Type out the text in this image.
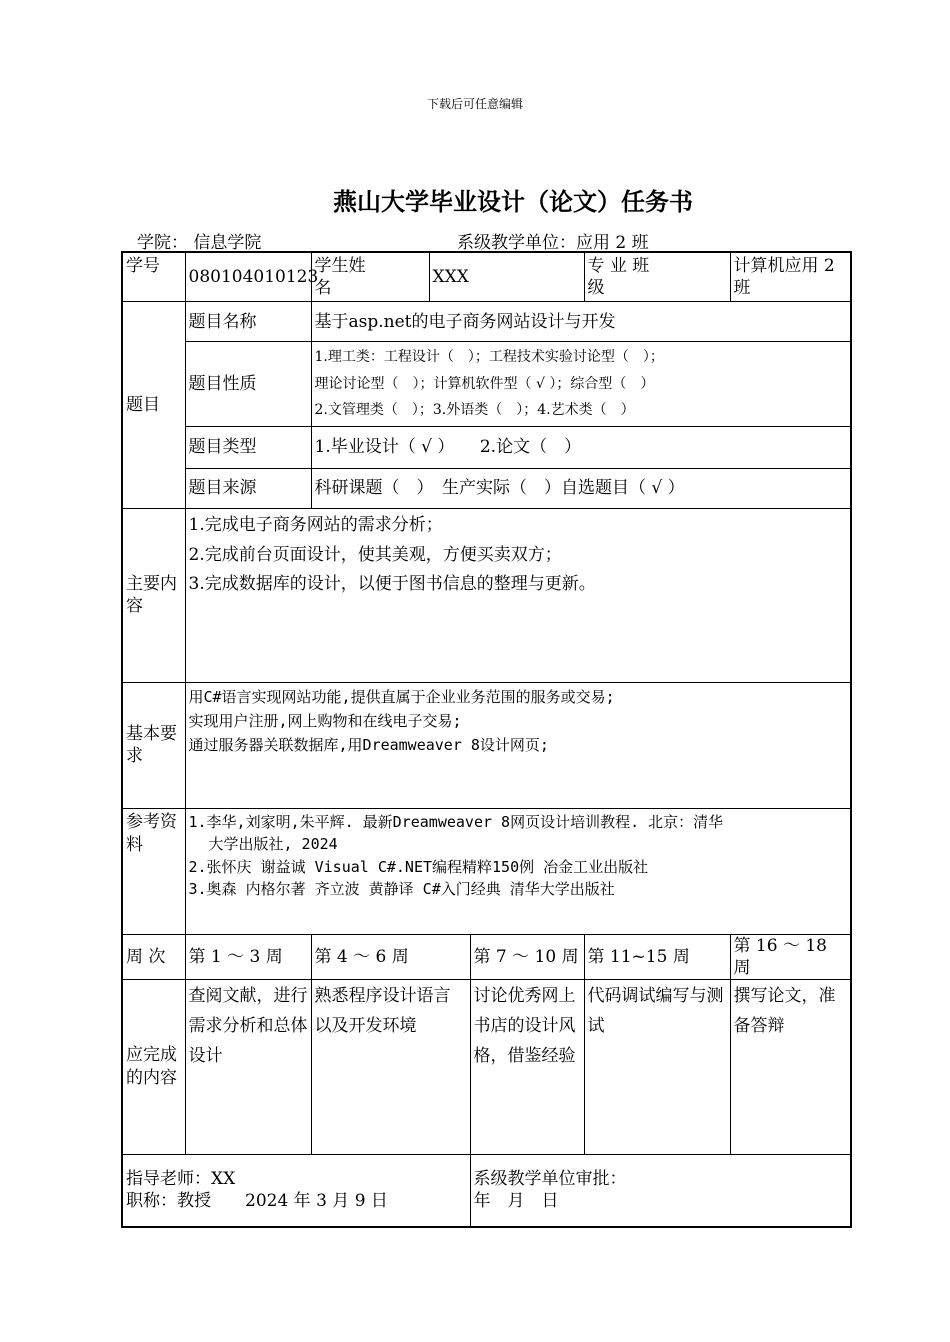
下载后可任意编辑
燕山大学毕业设计（论文）任务书
学院： 信息学院	系级教学单位：应用 2 班
学号	080104010123	学生姓名	XXX		专 业 班 级	计算机应用 2 班
题目	题目名称	基于asp.net的电子商务网站设计与开发				
	题目性质	1.理工类：工程设计（　）；工程技术实验讨论型（　）；
理论讨论型（　）；计算机软件型（ √ ）；综合型（　）
2.文管理类（　）；3.外语类（　）；4.艺术类（　）				

	题目类型	1.毕业设计（ √ ）　　2.论文（　）				
	题目来源	科研课题（　）　生产实际（　）自选题目（ √ ）				
主要内容	1.完成电子商务网站的需求分析；
2.完成前台页面设计，使其美观，方便买卖双方；
3.完成数据库的设计，以便于图书信息的整理与更新。					

基本要求	用C#语言实现网站功能,提供直属于企业业务范围的服务或交易;
实现用户注册,网上购物和在线电子交易;
通过服务器关联数据库,用Dreamweaver 8设计网页;					

参考资料	1.李华,刘家明,朱平辉. 最新Dreamweaver 8网页设计培训教程. 北京：清华
大学出版社, 2024
2.张怀庆 谢益诚 Visual C#.NET编程精粹150例 冶金工业出版社
3.奥森 内格尔著 齐立波 黄静译 C#入门经典 清华大学出版社					

周 次	第 1 ～ 3 周	第 4 ～ 6 周		第 7 ～ 10 周	第 11~15 周	第 16 ～ 18 周
应完成的内容	查阅文献，进行需求分析和总体设计	熟悉程序设计语言以及开发环境		讨论优秀网上书店的设计风格，借鉴经验	代码调试编写与测试	撰写论文，准备答辩

指导老师：XX
职称：教授　　2024 年 3 月 9 日				系级教学单位审批：
年　月　日		
